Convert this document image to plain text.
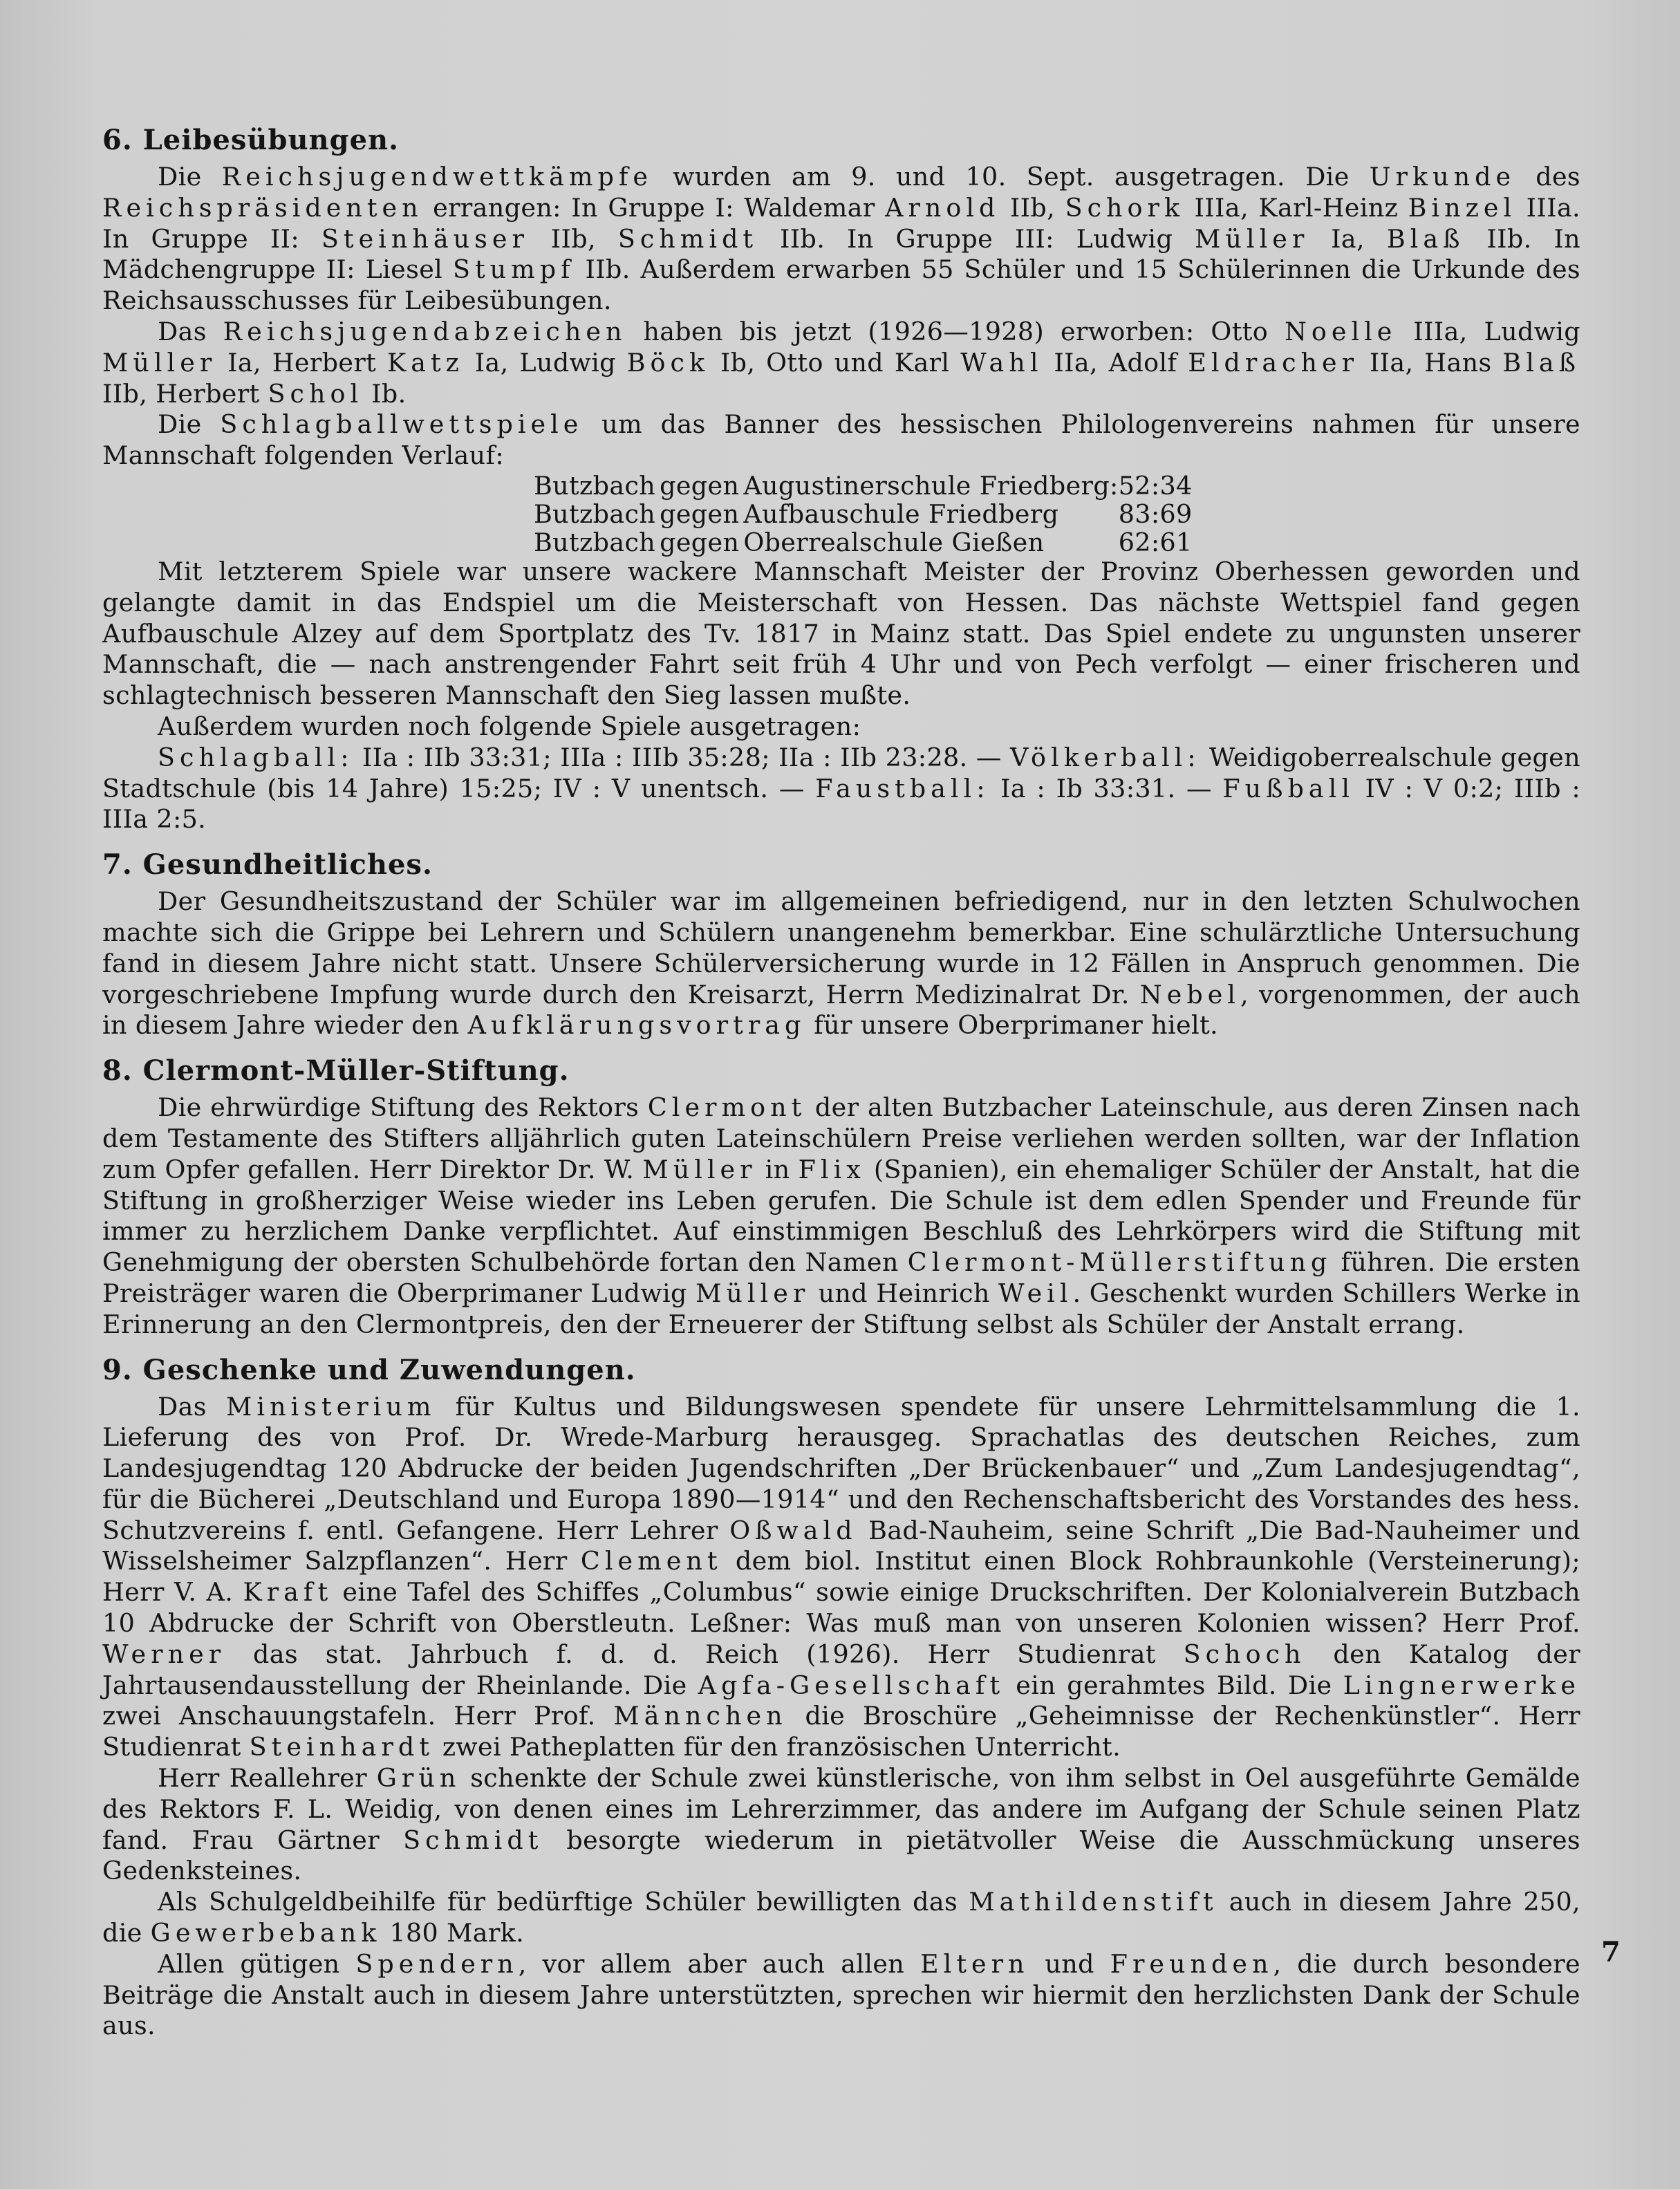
6. Leibesübungen.

Die Reichsjugendwettkämpfe wurden am 9. und 10. Sept. ausgetragen. Die Urkunde des Reichspräsidenten errangen: In Gruppe I: Waldemar Arnold IIb, Schork IIIa, Karl-Heinz Binzel IIIa. In Gruppe II: Steinhäuser IIb, Schmidt IIb. In Gruppe III: Ludwig Müller Ia, Blaß IIb. In Mädchengruppe II: Liesel Stumpf IIb. Außerdem erwarben 55 Schüler und 15 Schülerinnen die Urkunde des Reichsausschusses für Leibesübungen.

Das Reichsjugendabzeichen haben bis jetzt (1926—1928) erworben: Otto Noelle IIIa, Ludwig Müller Ia, Herbert Katz Ia, Ludwig Böck Ib, Otto und Karl Wahl IIa, Adolf Eldracher IIa, Hans Blaß IIb, Herbert Schol Ib.

Die Schlagballwettspiele um das Banner des hessischen Philologenvereins nahmen für unsere Mannschaft folgenden Verlauf:

Butzbach	gegen	Augustinerschule Friedberg:	52:34
Butzbach	gegen	Aufbauschule Friedberg	83:69
Butzbach	gegen	Oberrealschule Gießen	62:61

Mit letzterem Spiele war unsere wackere Mannschaft Meister der Provinz Oberhessen geworden und gelangte damit in das Endspiel um die Meisterschaft von Hessen. Das nächste Wettspiel fand gegen Aufbauschule Alzey auf dem Sportplatz des Tv. 1817 in Mainz statt. Das Spiel endete zu ungunsten unserer Mannschaft, die — nach anstrengender Fahrt seit früh 4 Uhr und von Pech verfolgt — einer frischeren und schlagtechnisch besseren Mannschaft den Sieg lassen mußte.

Außerdem wurden noch folgende Spiele ausgetragen:

Schlagball: IIa : IIb 33:31; IIIa : IIIb 35:28; IIa : IIb 23:28. — Völkerball: Weidigoberrealschule gegen Stadtschule (bis 14 Jahre) 15:25; IV : V unentsch. — Faustball: Ia : Ib 33:31. — Fußball IV : V 0:2; IIIb : IIIa 2:5.

7. Gesundheitliches.

Der Gesundheitszustand der Schüler war im allgemeinen befriedigend, nur in den letzten Schulwochen machte sich die Grippe bei Lehrern und Schülern unangenehm bemerkbar. Eine schulärztliche Untersuchung fand in diesem Jahre nicht statt. Unsere Schülerversicherung wurde in 12 Fällen in Anspruch genommen. Die vorgeschriebene Impfung wurde durch den Kreisarzt, Herrn Medizinalrat Dr. Nebel, vorgenommen, der auch in diesem Jahre wieder den Aufklärungsvortrag für unsere Oberprimaner hielt.

8. Clermont-Müller-Stiftung.

Die ehrwürdige Stiftung des Rektors Clermont der alten Butzbacher Lateinschule, aus deren Zinsen nach dem Testamente des Stifters alljährlich guten Lateinschülern Preise verliehen werden sollten, war der Inflation zum Opfer gefallen. Herr Direktor Dr. W. Müller in Flix (Spanien), ein ehemaliger Schüler der Anstalt, hat die Stiftung in großherziger Weise wieder ins Leben gerufen. Die Schule ist dem edlen Spender und Freunde für immer zu herzlichem Danke verpflichtet. Auf einstimmigen Beschluß des Lehrkörpers wird die Stiftung mit Genehmigung der obersten Schulbehörde fortan den Namen Clermont-Müllerstiftung führen. Die ersten Preisträger waren die Oberprimaner Ludwig Müller und Heinrich Weil. Geschenkt wurden Schillers Werke in Erinnerung an den Clermontpreis, den der Erneuerer der Stiftung selbst als Schüler der Anstalt errang.

9. Geschenke und Zuwendungen.

Das Ministerium für Kultus und Bildungswesen spendete für unsere Lehrmittelsammlung die 1. Lieferung des von Prof. Dr. Wrede-Marburg herausgeg. Sprachatlas des deutschen Reiches, zum Landesjugendtag 120 Abdrucke der beiden Jugendschriften „Der Brückenbauer“ und „Zum Landesjugendtag“, für die Bücherei „Deutschland und Europa 1890—1914“ und den Rechenschaftsbericht des Vorstandes des hess. Schutzvereins f. entl. Gefangene. Herr Lehrer Oßwald Bad-Nauheim, seine Schrift „Die Bad-Nauheimer und Wisselsheimer Salzpflanzen“. Herr Clement dem biol. Institut einen Block Rohbraunkohle (Versteinerung); Herr V. A. Kraft eine Tafel des Schiffes „Columbus“ sowie einige Druckschriften. Der Kolonialverein Butzbach 10 Abdrucke der Schrift von Oberstleutn. Leßner: Was muß man von unseren Kolonien wissen? Herr Prof. Werner das stat. Jahrbuch f. d. d. Reich (1926). Herr Studienrat Schoch den Katalog der Jahrtausendausstellung der Rheinlande. Die Agfa-Gesellschaft ein gerahmtes Bild. Die Lingnerwerke zwei Anschauungstafeln. Herr Prof. Männchen die Broschüre „Geheimnisse der Rechenkünstler“. Herr Studienrat Steinhardt zwei Patheplatten für den französischen Unterricht.

Herr Reallehrer Grün schenkte der Schule zwei künstlerische, von ihm selbst in Oel ausgeführte Gemälde des Rektors F. L. Weidig, von denen eines im Lehrerzimmer, das andere im Aufgang der Schule seinen Platz fand. Frau Gärtner Schmidt besorgte wiederum in pietätvoller Weise die Ausschmückung unseres Gedenksteines.

Als Schulgeldbeihilfe für bedürftige Schüler bewilligten das Mathildenstift auch in diesem Jahre 250, die Gewerbebank 180 Mark.

Allen gütigen Spendern, vor allem aber auch allen Eltern und Freunden, die durch besondere Beiträge die Anstalt auch in diesem Jahre unterstützten, sprechen wir hiermit den herzlichsten Dank der Schule aus.

7
